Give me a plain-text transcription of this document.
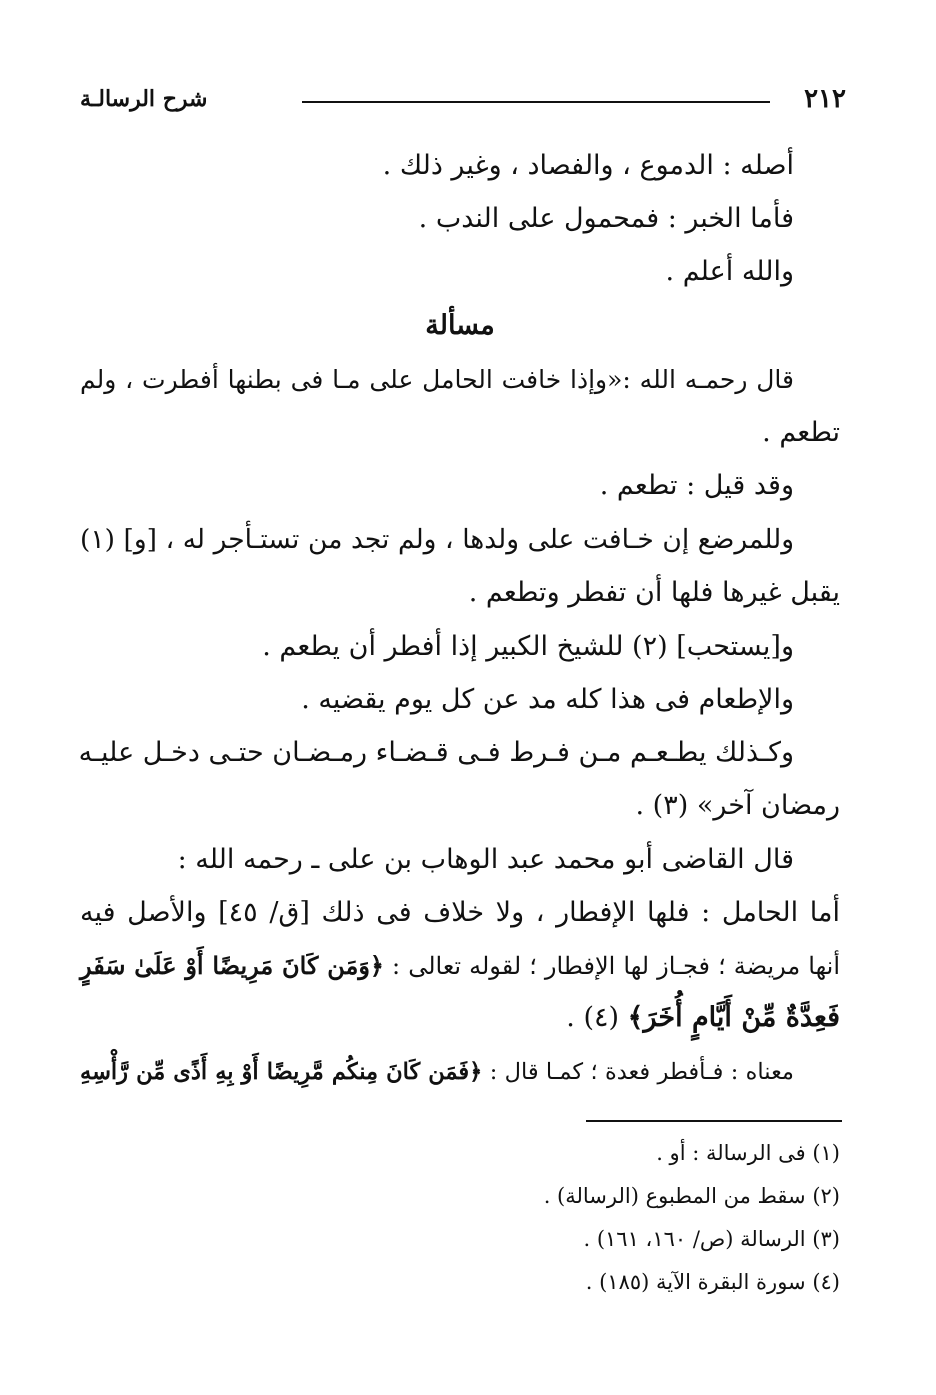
٢١٢
شرح الرسالـة
أصله : الدموع ، والفصاد ، وغير ذلك .
فأما الخبر : فمحمول على الندب .
والله أعلم .
مسألة
قال رحمـه الله :«وإذا خافت الحامل على مـا فى بطنها أفطرت ، ولم
تطعم .
وقد قيل : تطعم .
وللمرضع إن خـافت على ولدها ، ولم تجد من تستـأجر له ، [و] (١)
يقبل غيرها فلها أن تفطر وتطعم .
و[يستحب] (٢) للشيخ الكبير إذا أفطر أن يطعم .
والإطعام فى هذا كله مد عن كل يوم يقضيه .
وكـذلك يطـعـم مـن فـرط فـى قـضـاء رمـضـان حتـى دخـل عليـه
رمضان آخر» (٣) .
قال القاضى أبو محمد عبد الوهاب بن على ـ رحمه الله :
أما الحامل : فلها الإفطار ، ولا خلاف فى ذلك [ق/ ٤٥] والأصل فيه
أنها مريضة ؛ فجـاز لها الإفطار ؛ لقوله تعالى : ﴿وَمَن كَانَ مَرِيضًا أَوْ عَلَىٰ سَفَرٍ
فَعِدَّةٌ مِّنْ أَيَّامٍ أُخَرَ﴾ (٤) .
معناه : فـأفطر فعدة ؛ كمـا قال : ﴿فَمَن كَانَ مِنكُم مَّرِيضًا أَوْ بِهِ أَذًى مِّن رَّأْسِهِ
(١) فى الرسالة : أو .
(٢) سقط من المطبوع (الرسالة) .
(٣) الرسالة (ص/ ١٦٠، ١٦١) .
(٤) سورة البقرة الآية (١٨٥) .
